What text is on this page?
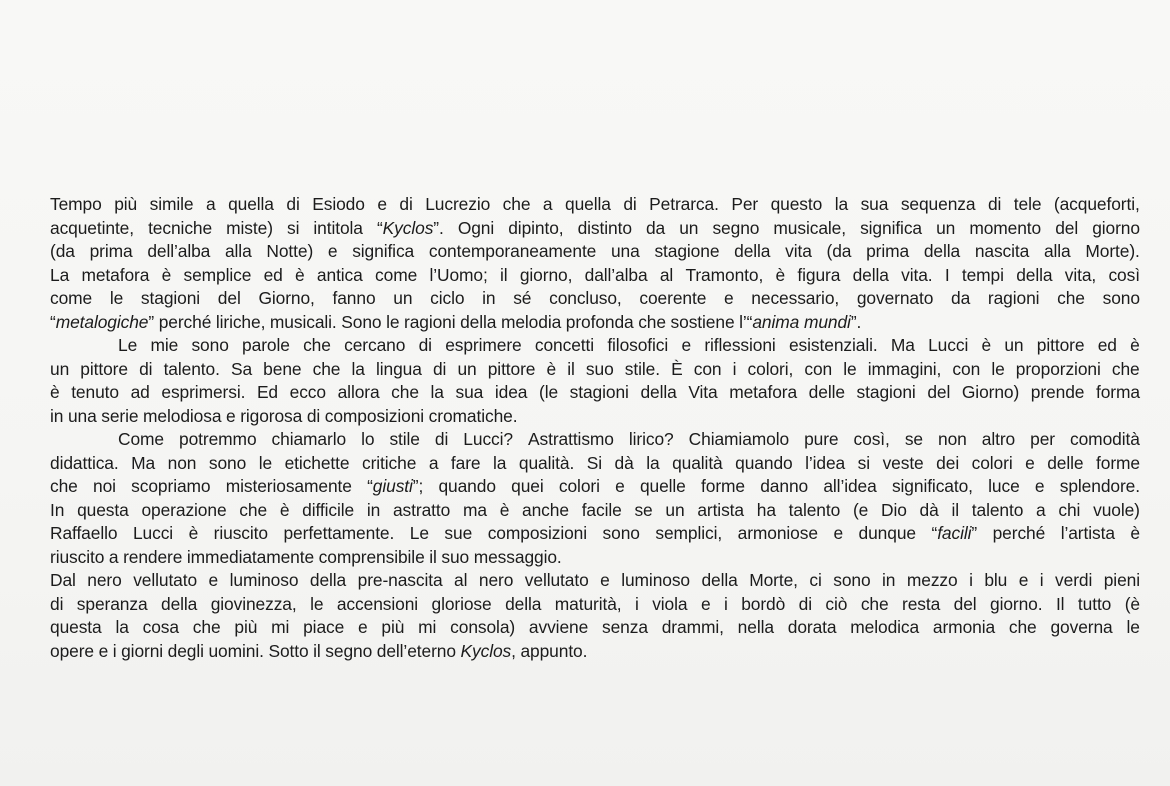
Tempo più simile a quella di Esiodo e di Lucrezio che a quella di Petrarca. Per questo la sua sequenza di tele (acqueforti,
acquetinte, tecniche miste) si intitola “Kyclos”. Ogni dipinto, distinto da un segno musicale, significa un momento del giorno
(da prima dell’alba alla Notte) e significa contemporaneamente una stagione della vita (da prima della nascita alla Morte).
La metafora è semplice ed è antica come l’Uomo; il giorno, dall’alba al Tramonto, è figura della vita. I tempi della vita, così
come le stagioni del Giorno, fanno un ciclo in sé concluso, coerente e necessario, governato da ragioni che sono
“metalogiche” perché liriche, musicali. Sono le ragioni della melodia profonda che sostiene l’“anima mundi”.
Le mie sono parole che cercano di esprimere concetti filosofici e riflessioni esistenziali. Ma Lucci è un pittore ed è
un pittore di talento. Sa bene che la lingua di un pittore è il suo stile. È con i colori, con le immagini, con le proporzioni che
è tenuto ad esprimersi. Ed ecco allora che la sua idea (le stagioni della Vita metafora delle stagioni del Giorno) prende forma
in una serie melodiosa e rigorosa di composizioni cromatiche.
Come potremmo chiamarlo lo stile di Lucci? Astrattismo lirico? Chiamiamolo pure così, se non altro per comodità
didattica. Ma non sono le etichette critiche a fare la qualità. Si dà la qualità quando l’idea si veste dei colori e delle forme
che noi scopriamo misteriosamente “giusti”; quando quei colori e quelle forme danno all’idea significato, luce e splendore.
In questa operazione che è difficile in astratto ma è anche facile se un artista ha talento (e Dio dà il talento a chi vuole)
Raffaello Lucci è riuscito perfettamente. Le sue composizioni sono semplici, armoniose e dunque “facili” perché l’artista è
riuscito a rendere immediatamente comprensibile il suo messaggio.
Dal nero vellutato e luminoso della pre-nascita al nero vellutato e luminoso della Morte, ci sono in mezzo i blu e i verdi pieni
di speranza della giovinezza, le accensioni gloriose della maturità, i viola e i bordò di ciò che resta del giorno. Il tutto (è
questa la cosa che più mi piace e più mi consola) avviene senza drammi, nella dorata melodica armonia che governa le
opere e i giorni degli uomini. Sotto il segno dell’eterno Kyclos, appunto.
